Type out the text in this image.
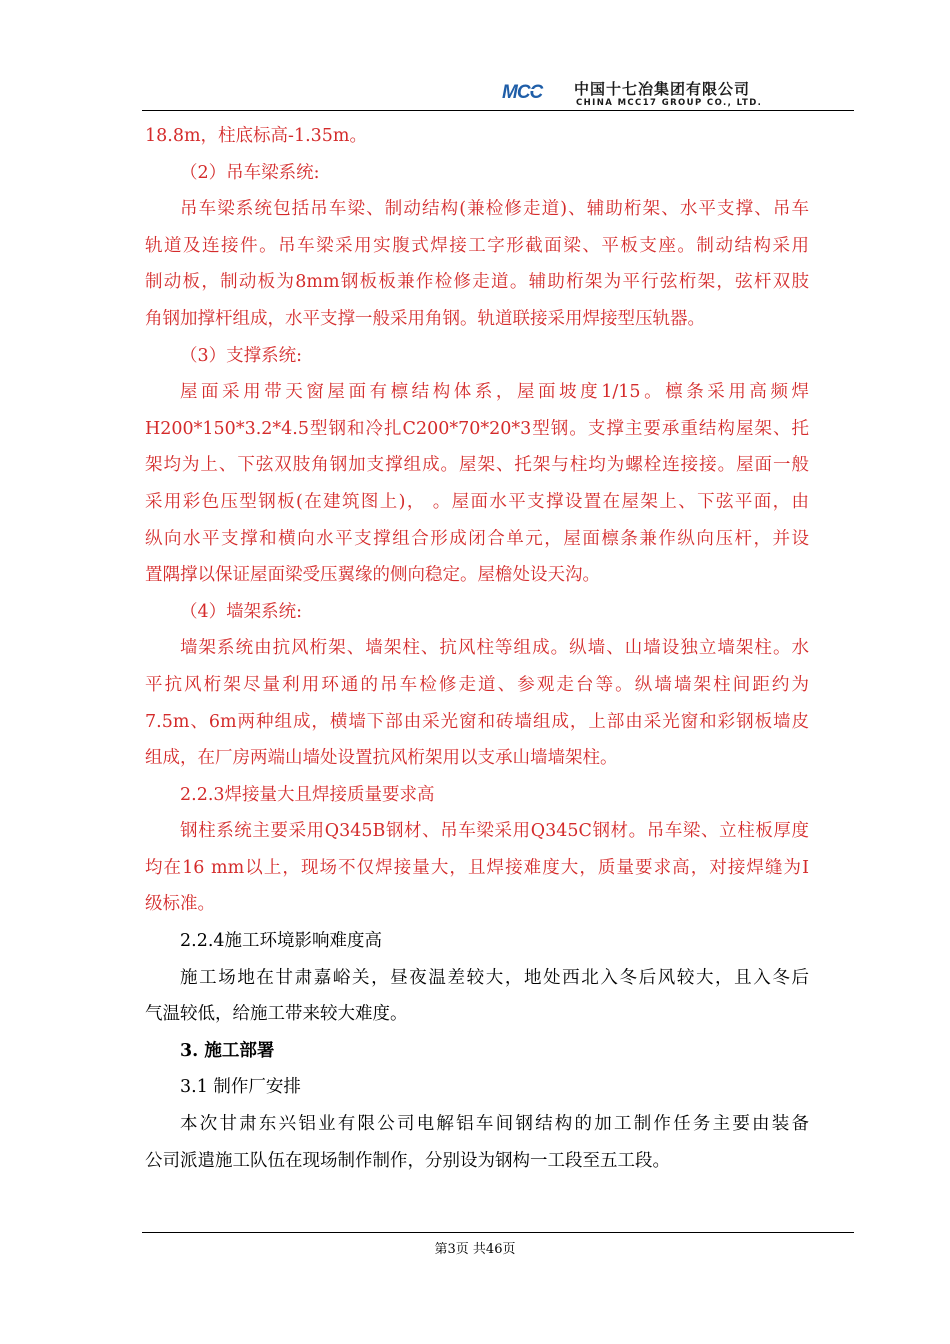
MCC 中国十七冶集团有限公司
CHINA MCC17 GROUP CO., LTD.
18.8m，柱底标高-1.35m。
（2）吊车梁系统:
吊车梁系统包括吊车梁、制动结构(兼检修走道)、辅助桁架、水平支撑、吊车
轨道及连接件。吊车梁采用实腹式焊接工字形截面梁、平板支座。制动结构采用
制动板，制动板为8mm钢板板兼作检修走道。辅助桁架为平行弦桁架，弦杆双肢
角钢加撑杆组成，水平支撑一般采用角钢。轨道联接采用焊接型压轨器。
（3）支撑系统:
屋面采用带天窗屋面有檩结构体系，屋面坡度1/15。檩条采用高频焊
H200*150*3.2*4.5型钢和冷扎C200*70*20*3型钢。支撑主要承重结构屋架、托
架均为上、下弦双肢角钢加支撑组成。屋架、托架与柱均为螺栓连接接。屋面一般
采用彩色压型钢板(在建筑图上)， 。屋面水平支撑设置在屋架上、下弦平面，由
纵向水平支撑和横向水平支撑组合形成闭合单元，屋面檩条兼作纵向压杆，并设
置隅撑以保证屋面梁受压翼缘的侧向稳定。屋檐处设天沟。
（4）墙架系统:
墙架系统由抗风桁架、墙架柱、抗风柱等组成。纵墙、山墙设独立墙架柱。水
平抗风桁架尽量利用环通的吊车检修走道、参观走台等。纵墙墙架柱间距约为
7.5m、6m两种组成，横墙下部由采光窗和砖墙组成，上部由采光窗和彩钢板墙皮
组成，在厂房两端山墙处设置抗风桁架用以支承山墙墙架柱。
2.2.3焊接量大且焊接质量要求高
钢柱系统主要采用Q345B钢材、吊车梁采用Q345C钢材。吊车梁、立柱板厚度
均在16 mm以上，现场不仅焊接量大，且焊接难度大，质量要求高，对接焊缝为Ⅰ
级标准。
2.2.4施工环境影响难度高
施工场地在甘肃嘉峪关，昼夜温差较大，地处西北入冬后风较大，且入冬后
气温较低，给施工带来较大难度。
3. 施工部署
3.1 制作厂安排
本次甘肃东兴铝业有限公司电解铝车间钢结构的加工制作任务主要由装备
公司派遣施工队伍在现场制作制作，分别设为钢构一工段至五工段。
第3页 共46页
